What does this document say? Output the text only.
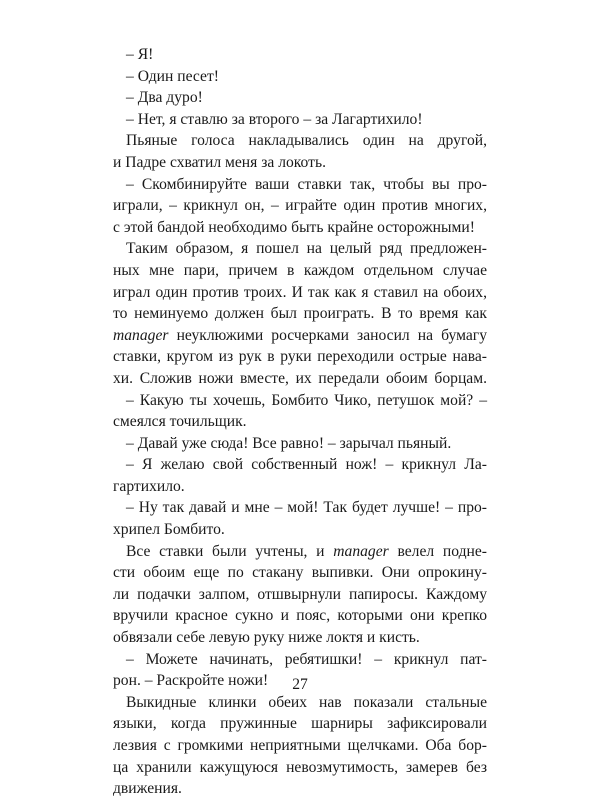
– Я!
– Один песет!
– Два дуро!
– Нет, я ставлю за второго – за Лагартихило!
Пьяные голоса накладывались один на другой,
и Падре схватил меня за локоть.
– Скомбинируйте ваши ставки так, чтобы вы про-
играли, – крикнул он, – играйте один против многих,
с этой бандой необходимо быть крайне осторожными!
Таким образом, я пошел на целый ряд предложен-
ных мне пари, причем в каждом отдельном случае
играл один против троих. И так как я ставил на обоих,
то неминуемо должен был проиграть. В то время как
manager неуклюжими росчерками заносил на бумагу
ставки, кругом из рук в руки переходили острые нава-
хи. Сложив ножи вместе, их передали обоим борцам.
– Какую ты хочешь, Бомбито Чико, петушок мой? –
смеялся точильщик.
– Давай уже сюда! Все равно! – зарычал пьяный.
– Я желаю свой собственный нож! – крикнул Ла-
гартихило.
– Ну так давай и мне – мой! Так будет лучше! – про-
хрипел Бомбито.
Все ставки были учтены, и manager велел подне-
сти обоим еще по стакану выпивки. Они опрокину-
ли подачки залпом, отшвырнули папиросы. Каждому
вручили красное сукно и пояс, которыми они крепко
обвязали себе левую руку ниже локтя и кисть.
– Можете начинать, ребятишки! – крикнул пат-
рон. – Раскройте ножи!
Выкидные клинки обеих нав показали стальные
языки, когда пружинные шарниры зафиксировали
лезвия с громкими неприятными щелчками. Оба бор-
ца хранили кажущуюся невозмутимость, замерев без
движения.
27
